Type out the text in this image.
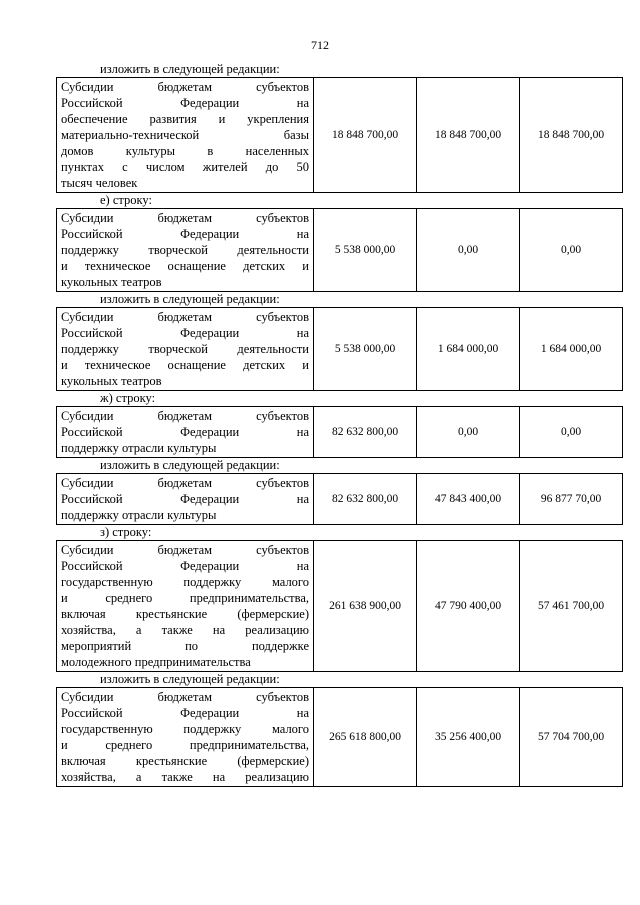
712
изложить в следующей редакции:
Субсидии бюджетам субъектов
Российской Федерации на
обеспечение развития и укрепления
материально-технической базы
домов культуры в населенных
пунктах с числом жителей до 50
тысяч человек
	18 848 700,00	18 848 700,00	18 848 700,00
е) строку:
Субсидии бюджетам субъектов
Российской Федерации на
поддержку творческой деятельности
и техническое оснащение детских и
кукольных театров
	5 538 000,00	0,00	0,00
изложить в следующей редакции:
Субсидии бюджетам субъектов
Российской Федерации на
поддержку творческой деятельности
и техническое оснащение детских и
кукольных театров
	5 538 000,00	1 684 000,00	1 684 000,00
ж) строку:
Субсидии бюджетам субъектов
Российской Федерации на
поддержку отрасли культуры
	82 632 800,00	0,00	0,00
изложить в следующей редакции:
Субсидии бюджетам субъектов
Российской Федерации на
поддержку отрасли культуры
	82 632 800,00	47 843 400,00	96 877 70,00
з) строку:
Субсидии бюджетам субъектов
Российской Федерации на
государственную поддержку малого
и среднего предпринимательства,
включая крестьянские (фермерские)
хозяйства, а также на реализацию
мероприятий по поддержке
молодежного предпринимательства
	261 638 900,00	47 790 400,00	57 461 700,00
изложить в следующей редакции:
Субсидии бюджетам субъектов
Российской Федерации на
государственную поддержку малого
и среднего предпринимательства,
включая крестьянские (фермерские)
хозяйства, а также на реализацию
	265 618 800,00	35 256 400,00	57 704 700,00
